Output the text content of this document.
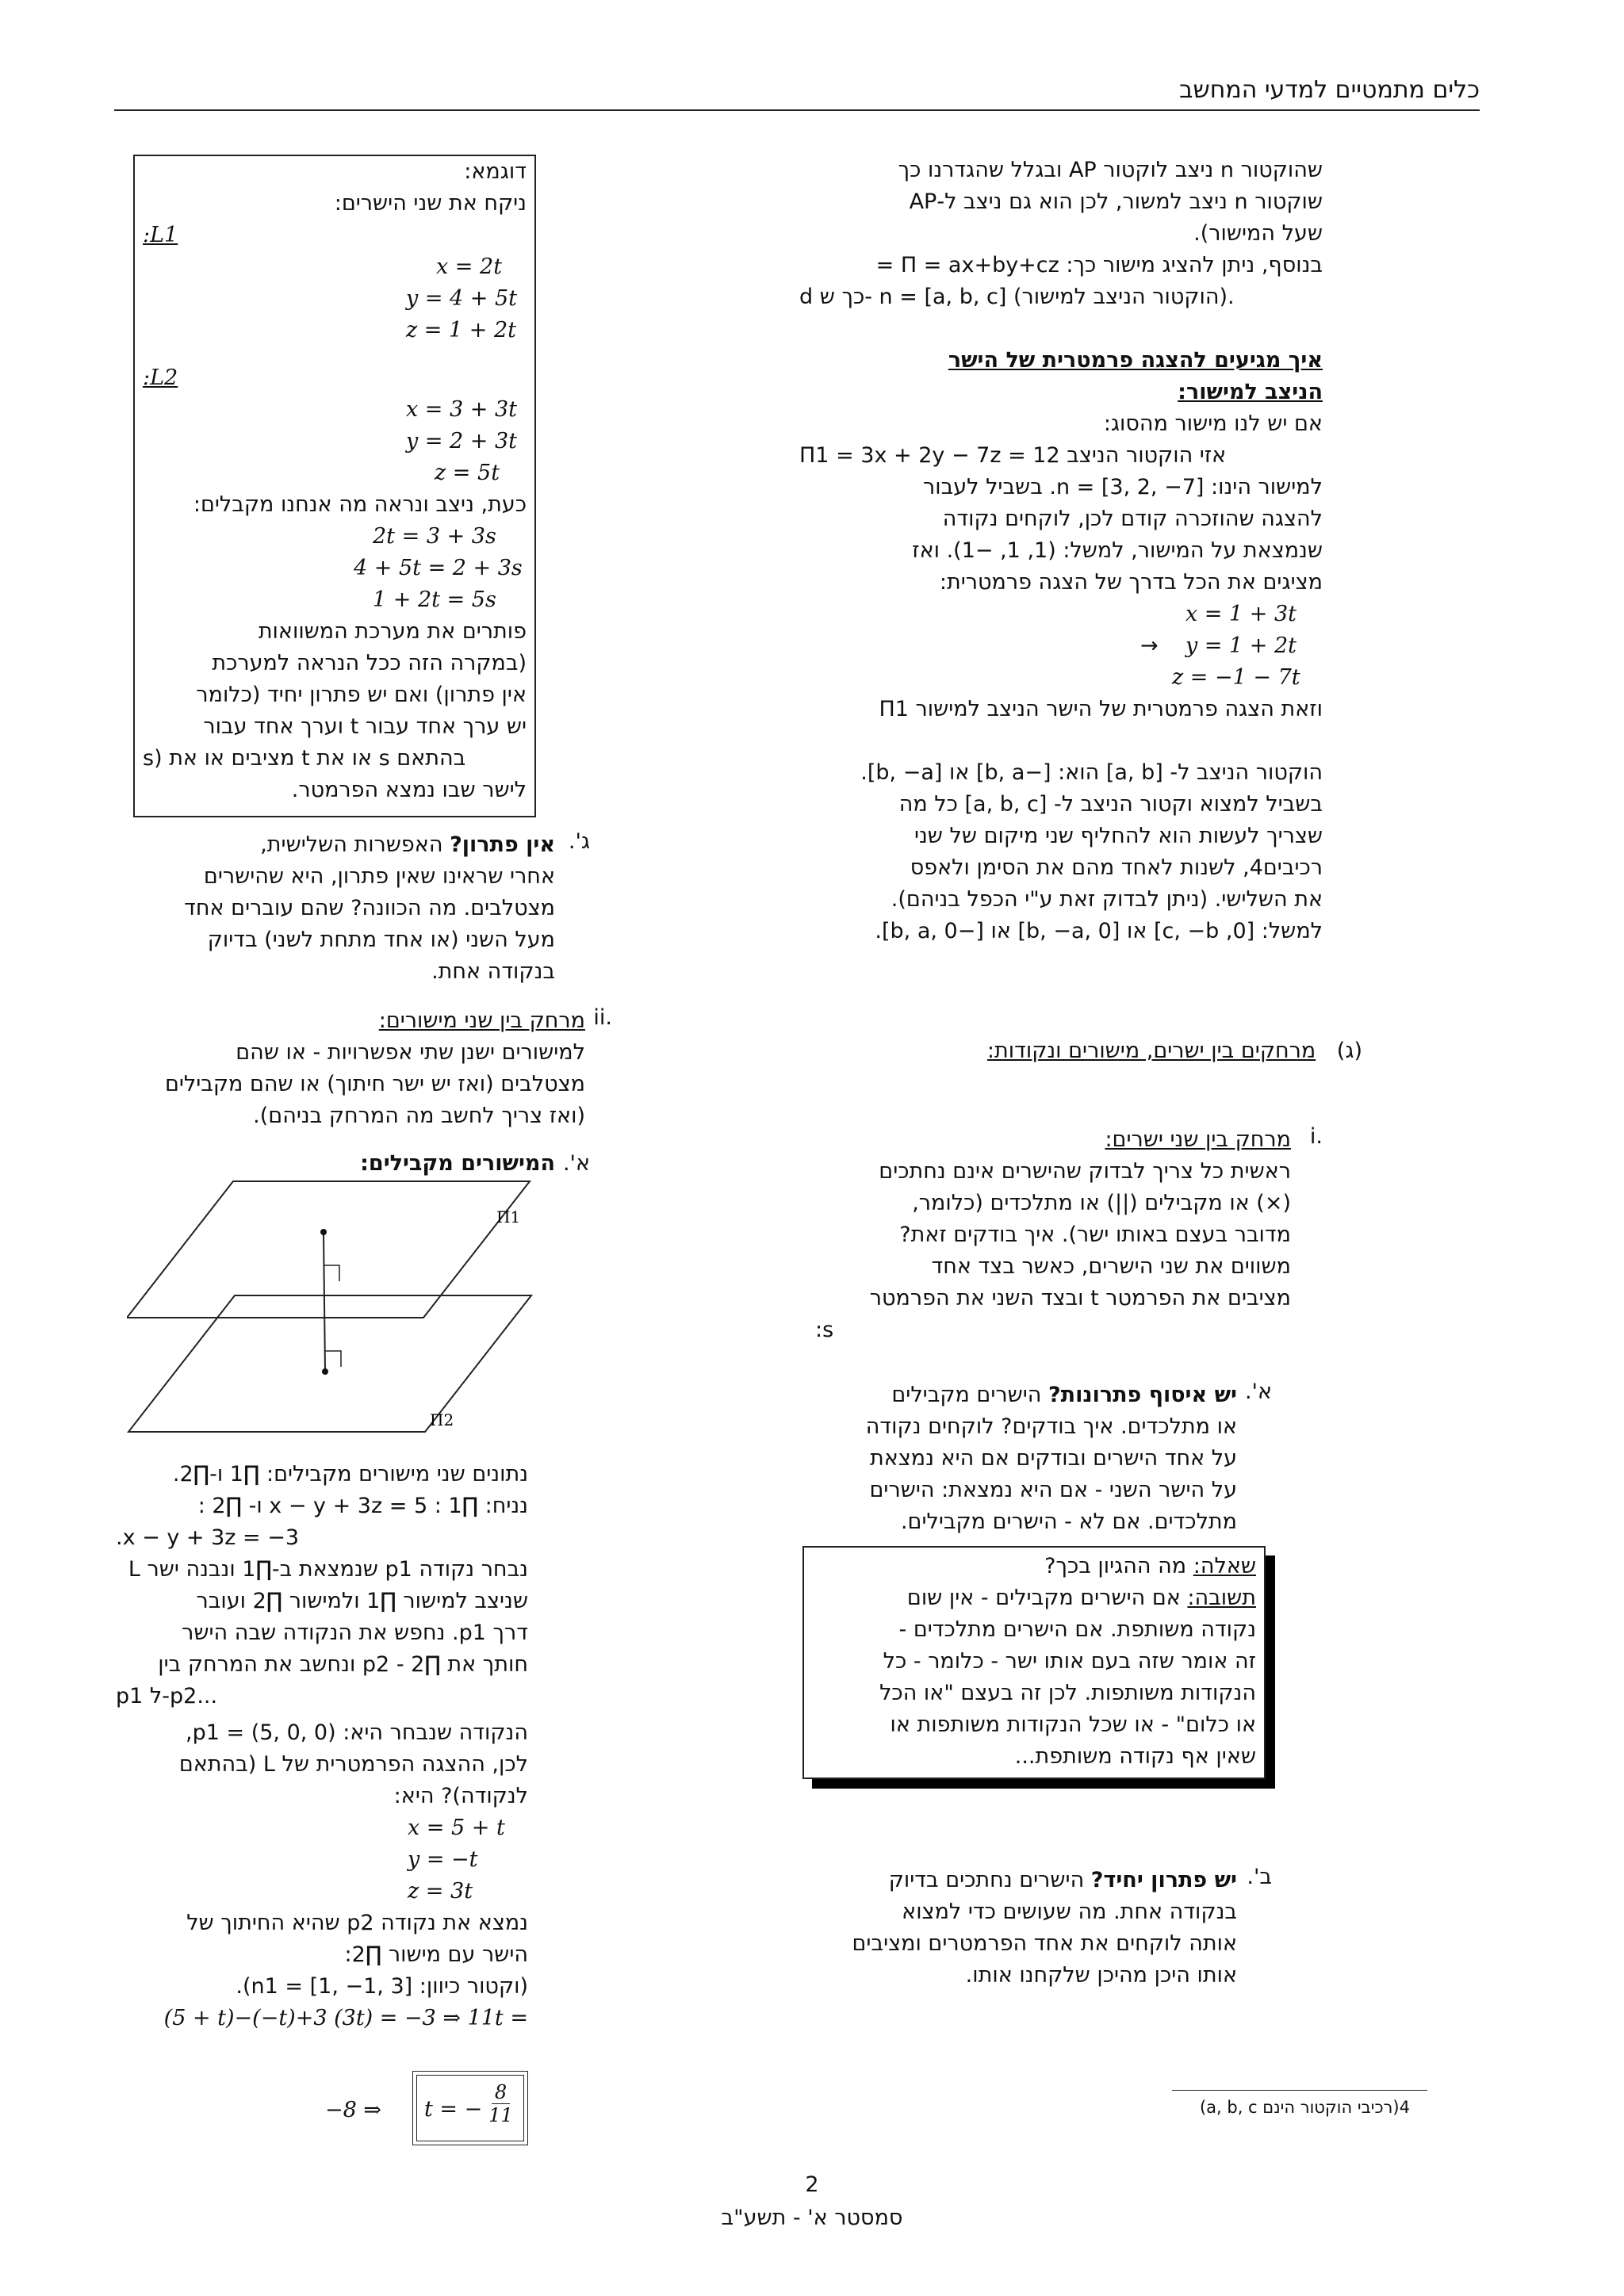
כלים מתמטיים למדעי המחשב
שהוקטור n ניצב לוקטור AP ובגלל שהגדרנו כך
שוקטור n ניצב למשור, לכן הוא גם ניצב ל-AP
שעל המישור).
בנוסף, ניתן להציג מישור כך: Π = ax+by+cz =
d כך ש- n = [a, b, c] (הוקטור הניצב למישור).
איך מגיעים להצגה פרמטרית של הישר
הניצב למישור:
אם יש לנו מישור מהסוג:
Π1 = 3x + 2y − 7z = 12 אזי הוקטור הניצב
למישור הינו: n = [3, 2, −7]. בשביל לעבור
להצגה שהוזכרה קודם לכן, לוקחים נקודה
שנמצאת על המישור, למשל: (1, 1, −1). ואז
מציגים את הכל בדרך של הצגה פרמטרית:
x = 1 + 3t
y = 1 + 2t
z = −1 − 7t
→
וזאת הצגה פרמטרית של הישר הניצב למישור Π1
הוקטור הניצב ל- [a, b] הוא: [−b, a] או [b, −a].
בשביל למצוא וקטור הניצב ל- [a, b, c] כל מה
שצריך לעשות הוא להחליף שני מיקום של שני
רכיבים4, לשנות לאחד מהם את הסימן ולאפס
את השלישי. (ניתן לבדוק זאת ע"י הכפל בניהם).
למשל: [0, c, −b] או [b, −a, 0] או [−b, a, 0].
(ג) מרחקים בין ישרים, מישורים ונקודות:
i.
מרחק בין שני ישרים:
ראשית כל צריך לבדוק שהישרים אינם נחתכים
(×) או מקבילים (||) או מתלכדים (כלומר,
מדובר בעצם באותו ישר). איך בודקים זאת?
משווים את שני הישרים, כאשר בצד אחד
מציבים את הפרמטר t ובצד השני את הפרמטר
:s
א'.
יש איסוף פתרונות? הישרים מקבילים
או מתלכדים. איך בודקים? לוקחים נקודה
על אחד הישרים ובודקים אם היא נמצאת
על הישר השני - אם היא נמצאת: הישרים
מתלכדים. אם לא - הישרים מקבילים.
שאלה: מה ההגיון בכך?
תשובה: אם הישרים מקבילים - אין שום
נקודה משותפת. אם הישרים מתלכדים -
זה אומר שזה בעם אותו ישר - כלומר - כל
הנקודות משותפות. לכן זה בעצם "או הכל
או כלום" - או שכל הנקודות משותפות או
שאין אף נקודה משותפת...
ב'.
יש פתרון יחיד? הישרים נחתכים בדיוק
בנקודה אחת. מה שעושים כדי למצוא
אותה לוקחים את אחד הפרמטרים ומציבים
אותו היכן מהיכן שלקחנו אותו.
(a, b, c רכיבי הוקטור הינם)4
דוגמא:
ניקח את שני הישרים:
:L1
x = 2t
y = 4 + 5t
z = 1 + 2t
:L2
x = 3 + 3t
y = 2 + 3t
z = 5t
כעת, ניצב ונראה מה אנחנו מקבלים:
2t = 3 + 3s
4 + 5t = 2 + 3s
1 + 2t = 5s
פותרים את מערכת המשוואות
(במקרה הזה ככל הנראה למערכת
אין פתרון) ואם יש פתרון יחיד (כלומר
יש ערך אחד עבור t וערך אחד עבור
s) מציבים או את t או את s בהתאם
לישר שבו נמצא הפרמטר.
ג'.
אין פתרון? האפשרות השלישית,
אחרי שראינו שאין פתרון, היא שהישרים
מצטלבים. מה הכוונה? שהם עוברים אחד
מעל השני (או אחד מתחת לשני) בדיוק
בנקודה אחת.
ii.
מרחק בין שני מישורים:
למישורים ישנן שתי אפשרויות - או שהם
מצטלבים (ואז יש ישר חיתוך) או שהם מקבילים
(ואז צריך לחשב מה המרחק בניהם).
א'.
המישורים מקבילים:
Π1
Π2
נתונים שני מישורים מקבילים: ∏1 ו-∏2.
נניח: ∏1 : x − y + 3z = 5 ו- ∏2 :
.x − y + 3z = −3
נבחר נקודה p1 שנמצאת ב-∏1 ונבנה ישר L
שניצב למישור ∏1 ולמישור ∏2 ועובר
דרך p1. נחפש את הנקודה שבה הישר
חותך את ∏2 - p2 ונחשב את המרחק בין
p1 ל-p2...
הנקודה שנבחר היא: p1 = (5, 0, 0),
לכן, ההצגה הפרמטרית של L (בהתאם
לנקודה)? היא:
x = 5 + t
y = −t
z = 3t
נמצא את נקודה p2 שהיא החיתוך של
הישר עם מישור ∏2:
(וקטור כיוון: n1 = [1, −1, 3]).
(5 + t)−(−t)+3 (3t) = −3 ⇒ 11t =
−8 ⇒ t = − $\frac{8}{11}$
2
סמסטר א' - תשע"ב
